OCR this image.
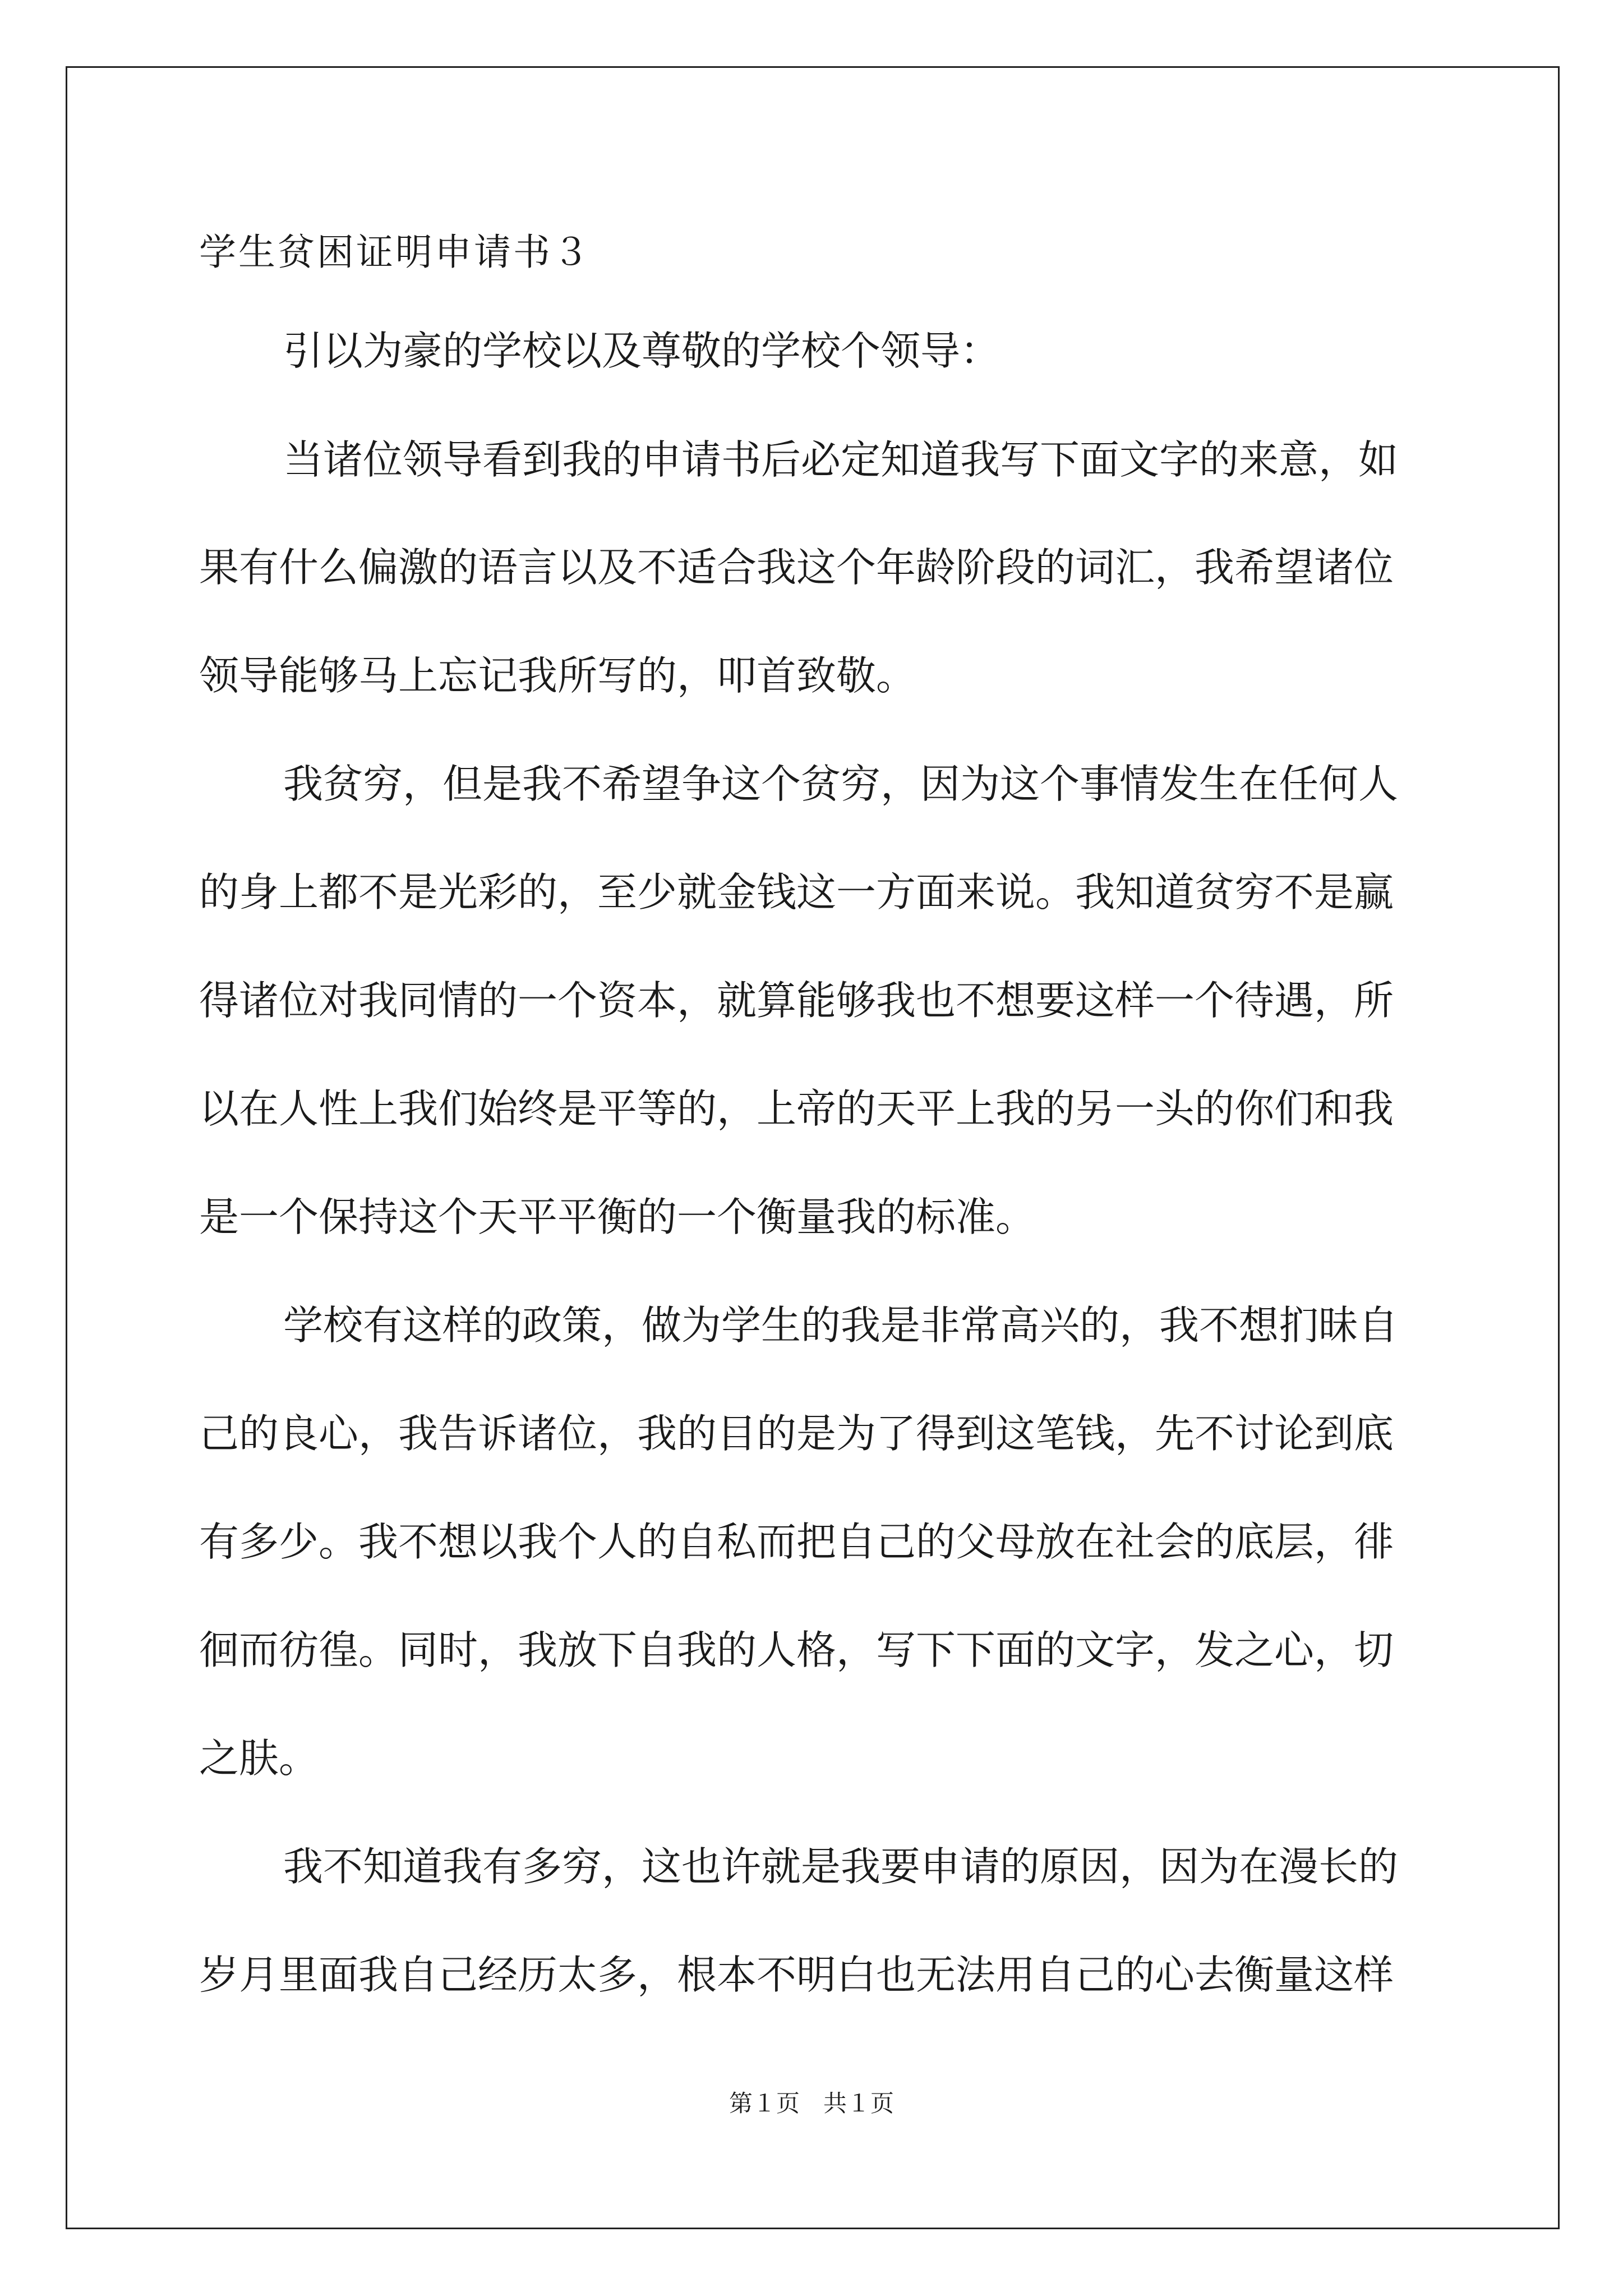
学生贫困证明申请书３
引以为豪的学校以及尊敬的学校个领导：
当诸位领导看到我的申请书后必定知道我写下面文字的来意，如
果有什么偏激的语言以及不适合我这个年龄阶段的词汇，我希望诸位
领导能够马上忘记我所写的，叩首致敬。
我贫穷，但是我不希望争这个贫穷，因为这个事情发生在任何人
的身上都不是光彩的，至少就金钱这一方面来说。我知道贫穷不是赢
得诸位对我同情的一个资本，就算能够我也不想要这样一个待遇，所
以在人性上我们始终是平等的，上帝的天平上我的另一头的你们和我
是一个保持这个天平平衡的一个衡量我的标准。
学校有这样的政策，做为学生的我是非常高兴的，我不想扪昧自
己的良心，我告诉诸位，我的目的是为了得到这笔钱，先不讨论到底
有多少。我不想以我个人的自私而把自己的父母放在社会的底层，徘
徊而彷徨。同时，我放下自我的人格，写下下面的文字，发之心，切
之肤。
我不知道我有多穷，这也许就是我要申请的原因，因为在漫长的
岁月里面我自己经历太多，根本不明白也无法用自己的心去衡量这样
第１页　共１页
